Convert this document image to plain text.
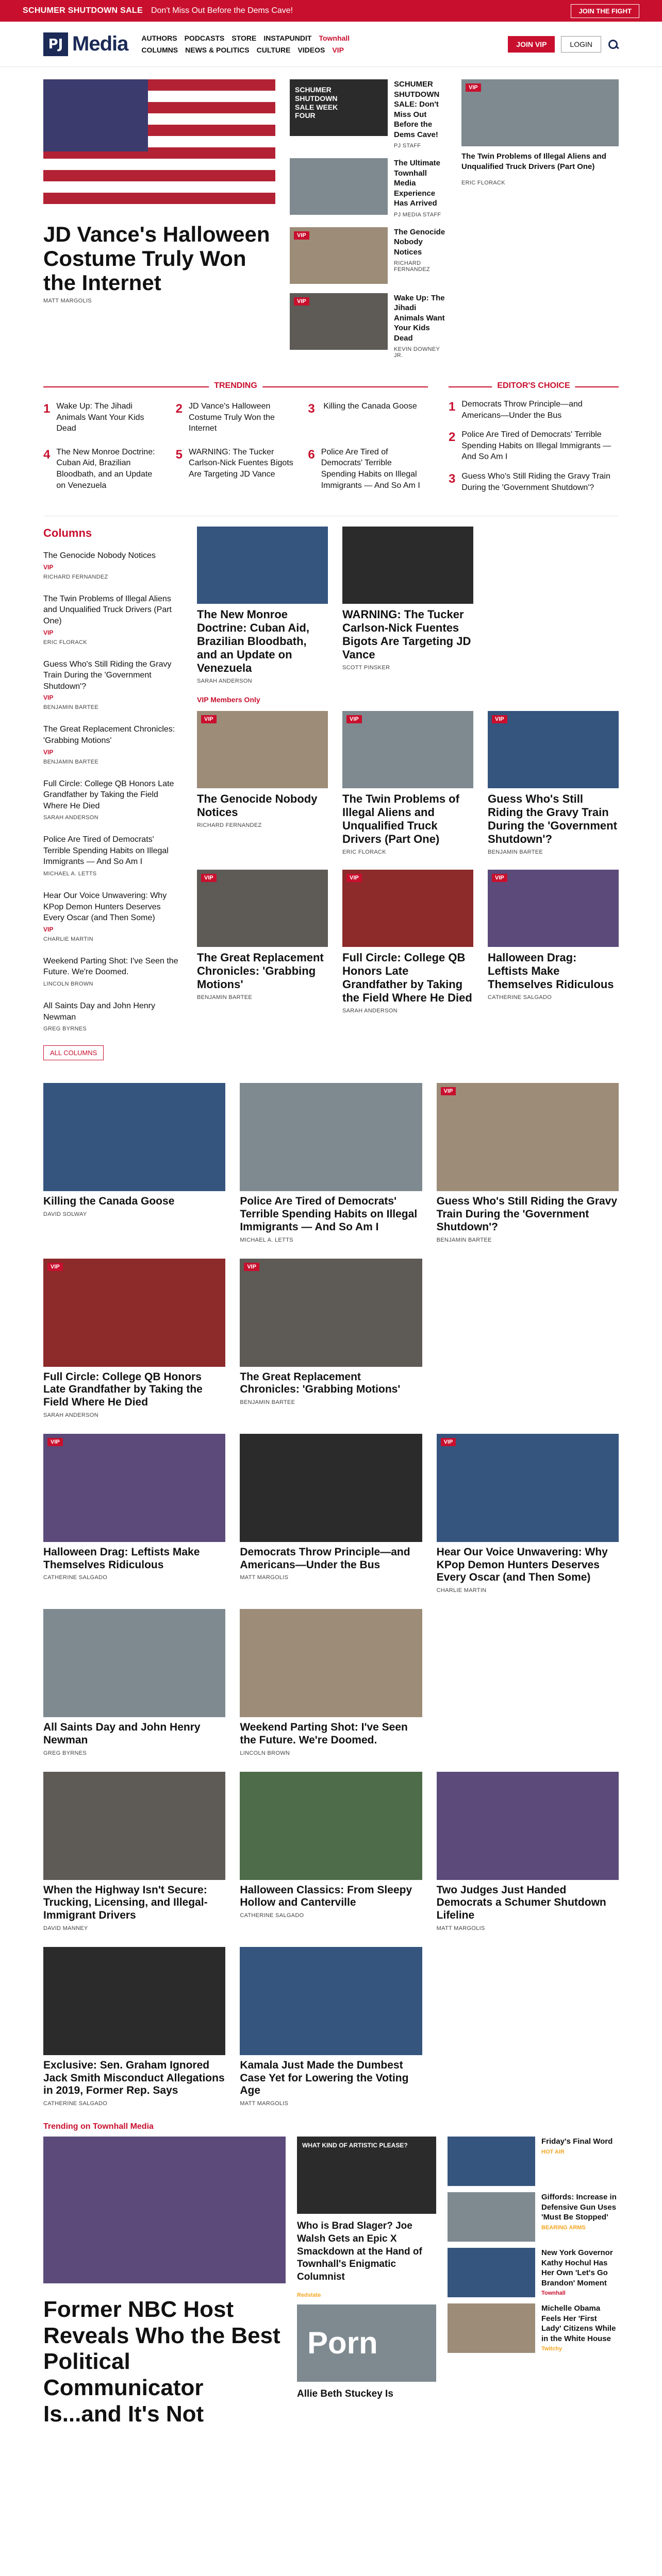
SCHUMER SHUTDOWN SALE Don't Miss Out Before the Dems Cave!	JOIN THE FIGHT
PJ Media AUTHORS PODCASTS STORE INSTAPUNDIT Townhall
COLUMNS NEWS & POLITICS CULTURE VIDEOS VIP
JOIN VIP	LOGIN
JD Vance's Halloween Costume Truly Won the Internet
MATT MARGOLIS
SCHUMER SHUTDOWN SALE WEEK FOUR
SCHUMER SHUTDOWN SALE: Don't Miss Out Before the Dems Cave!
PJ STAFF
The Ultimate Townhall Media Experience Has Arrived
PJ MEDIA STAFF
VIP	The Genocide Nobody Notices
RICHARD FERNANDEZ
VIP	Wake Up: The Jihadi Animals Want Your Kids Dead
KEVIN DOWNEY JR.
VIP
The Twin Problems of Illegal Aliens and Unqualified Truck Drivers (Part One)
ERIC FLORACK
TRENDING
1 Wake Up: The Jihadi Animals Want Your Kids Dead
2 JD Vance's Halloween Costume Truly Won the Internet
3 Killing the Canada Goose
4 The New Monroe Doctrine: Cuban Aid, Brazilian Bloodbath, and an Update on Venezuela
5 WARNING: The Tucker Carlson-Nick Fuentes Bigots Are Targeting JD Vance
6 Police Are Tired of Democrats' Terrible Spending Habits on Illegal Immigrants — And So Am I
EDITOR'S CHOICE
1 Democrats Throw Principle—and Americans—Under the Bus
2 Police Are Tired of Democrats' Terrible Spending Habits on Illegal Immigrants — And So Am I
3 Guess Who's Still Riding the Gravy Train During the 'Government Shutdown'?
Columns
The Genocide Nobody Notices
VIP
RICHARD FERNANDEZ
The Twin Problems of Illegal Aliens and Unqualified Truck Drivers (Part One)
VIP
ERIC FLORACK
Guess Who's Still Riding the Gravy Train During the 'Government Shutdown'?
VIP
BENJAMIN BARTEE
The Great Replacement Chronicles: 'Grabbing Motions'
VIP
BENJAMIN BARTEE
Full Circle: College QB Honors Late Grandfather by Taking the Field Where He Died
SARAH ANDERSON
Police Are Tired of Democrats' Terrible Spending Habits on Illegal Immigrants — And So Am I
MICHAEL A. LETTS
Hear Our Voice Unwavering: Why KPop Demon Hunters Deserves Every Oscar (and Then Some)
VIP
CHARLIE MARTIN
Weekend Parting Shot: I've Seen the Future. We're Doomed.
LINCOLN BROWN
All Saints Day and John Henry Newman
GREG BYRNES
ALL COLUMNS
The New Monroe Doctrine: Cuban Aid, Brazilian Bloodbath, and an Update on Venezuela
SARAH ANDERSON
WARNING: The Tucker Carlson-Nick Fuentes Bigots Are Targeting JD Vance
SCOTT PINSKER
VIP Members Only
VIP
The Genocide Nobody Notices
RICHARD FERNANDEZ
VIP
The Twin Problems of Illegal Aliens and Unqualified Truck Drivers (Part One)
ERIC FLORACK
VIP
Guess Who's Still Riding the Gravy Train During the 'Government Shutdown'?
BENJAMIN BARTEE
VIP
The Great Replacement Chronicles: 'Grabbing Motions'
BENJAMIN BARTEE
VIP
Full Circle: College QB Honors Late Grandfather by Taking the Field Where He Died
SARAH ANDERSON
VIP
Halloween Drag: Leftists Make Themselves Ridiculous
CATHERINE SALGADO
Killing the Canada Goose
DAVID SOLWAY
Police Are Tired of Democrats' Terrible Spending Habits on Illegal Immigrants — And So Am I
MICHAEL A. LETTS
VIP
Guess Who's Still Riding the Gravy Train During the 'Government Shutdown'?
BENJAMIN BARTEE
VIP
Full Circle: College QB Honors Late Grandfather by Taking the Field Where He Died
SARAH ANDERSON
VIP
The Great Replacement Chronicles: 'Grabbing Motions'
BENJAMIN BARTEE
VIP
Halloween Drag: Leftists Make Themselves Ridiculous
CATHERINE SALGADO
Democrats Throw Principle—and Americans—Under the Bus
MATT MARGOLIS
VIP
Hear Our Voice Unwavering: Why KPop Demon Hunters Deserves Every Oscar (and Then Some)
CHARLIE MARTIN
All Saints Day and John Henry Newman
GREG BYRNES
Weekend Parting Shot: I've Seen the Future. We're Doomed.
LINCOLN BROWN
When the Highway Isn't Secure: Trucking, Licensing, and Illegal-Immigrant Drivers
DAVID MANNEY
Halloween Classics: From Sleepy Hollow and Canterville
CATHERINE SALGADO
Two Judges Just Handed Democrats a Schumer Shutdown Lifeline
MATT MARGOLIS
Exclusive: Sen. Graham Ignored Jack Smith Misconduct Allegations in 2019, Former Rep. Says
CATHERINE SALGADO
Kamala Just Made the Dumbest Case Yet for Lowering the Voting Age
MATT MARGOLIS
Trending on Townhall Media
Former NBC Host Reveals Who the Best Political Communicator Is...and It's Not
WHAT KIND OF ARTISTIC PLEASE?
Who is Brad Slager? Joe Walsh Gets an Epic X Smackdown at the Hand of Townhall's Enigmatic Columnist
Redstate
Porn
Allie Beth Stuckey Is
Friday's Final Word
HOT AIR
Giffords: Increase in Defensive Gun Uses 'Must Be Stopped'
BEARING ARMS
New York Governor Kathy Hochul Has Her Own 'Let's Go Brandon' Moment
Townhall
Michelle Obama Feels Her 'First Lady' Citizens While in the White House
Twitchy
